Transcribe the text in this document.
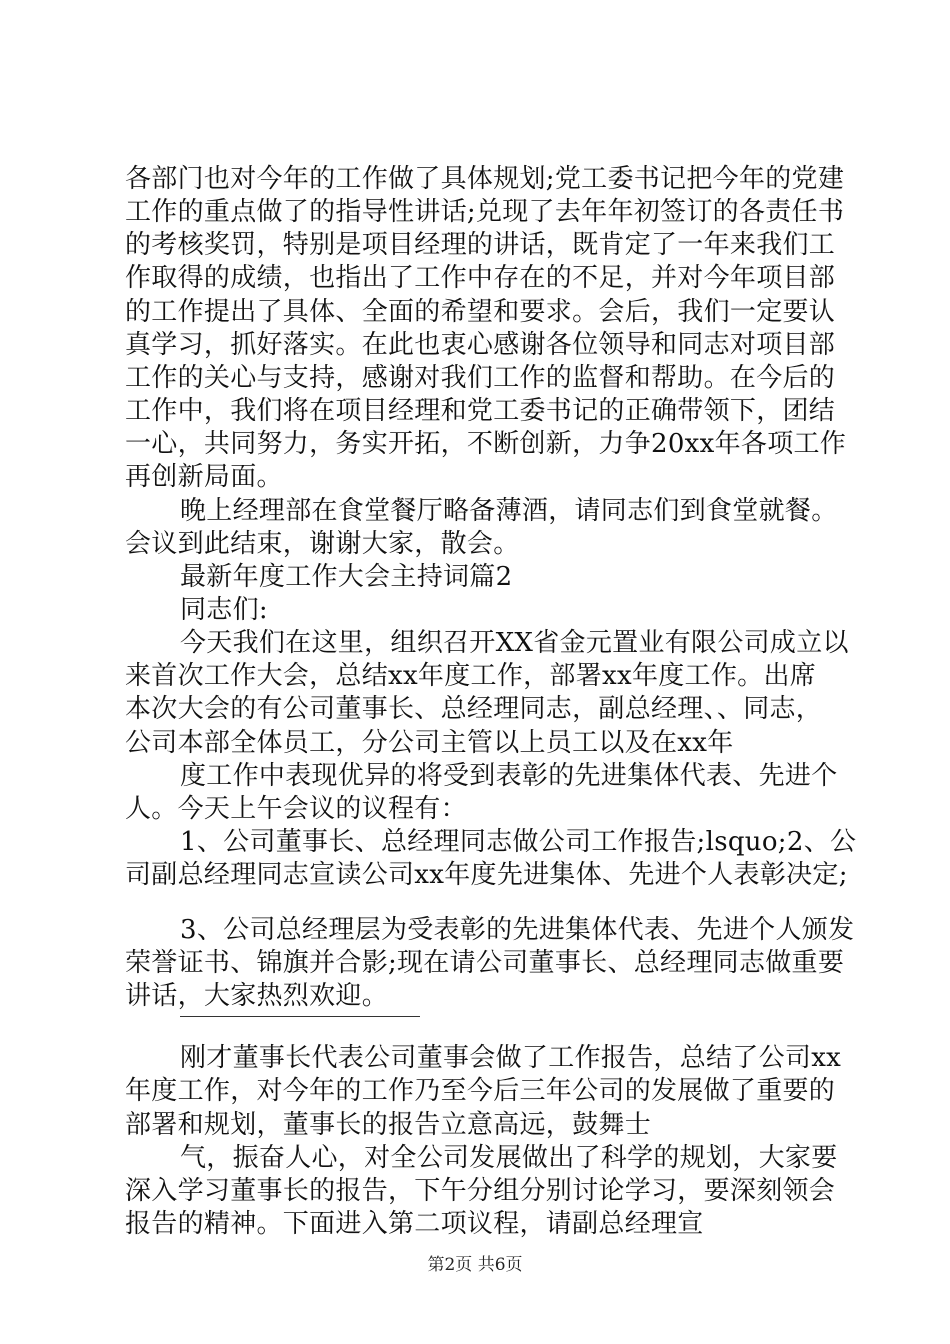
第2页 共6页
各部门也对今年的工作做了具体规划;党工委书记把今年的党建
工作的重点做了的指导性讲话;兑现了去年年初签订的各责任书
的考核奖罚，特别是项目经理的讲话，既肯定了一年来我们工
作取得的成绩，也指出了工作中存在的不足，并对今年项目部
的工作提出了具体、全面的希望和要求。会后，我们一定要认
真学习，抓好落实。在此也衷心感谢各位领导和同志对项目部
工作的关心与支持，感谢对我们工作的监督和帮助。在今后的
工作中，我们将在项目经理和党工委书记的正确带领下，团结
一心，共同努力，务实开拓，不断创新，力争20xx年各项工作
再创新局面。
晚上经理部在食堂餐厅略备薄酒，请同志们到食堂就餐。
会议到此结束，谢谢大家，散会。
最新年度工作大会主持词篇2
同志们:
今天我们在这里，组织召开XX省金元置业有限公司成立以
来首次工作大会，总结xx年度工作，部署xx年度工作。出席
本次大会的有公司董事长、总经理同志，副总经理、、同志，
公司本部全体员工，分公司主管以上员工以及在xx年
度工作中表现优异的将受到表彰的先进集体代表、先进个
人。今天上午会议的议程有：
1、公司董事长、总经理同志做公司工作报告;lsquo;2、公
司副总经理同志宣读公司xx年度先进集体、先进个人表彰决定;
3、公司总经理层为受表彰的先进集体代表、先进个人颁发
荣誉证书、锦旗并合影;现在请公司董事长、总经理同志做重要
讲话，大家热烈欢迎。
刚才董事长代表公司董事会做了工作报告，总结了公司xx
年度工作，对今年的工作乃至今后三年公司的发展做了重要的
部署和规划，董事长的报告立意高远，鼓舞士
气，振奋人心，对全公司发展做出了科学的规划，大家要
深入学习董事长的报告，下午分组分别讨论学习，要深刻领会
报告的精神。下面进入第二项议程，请副总经理宣
